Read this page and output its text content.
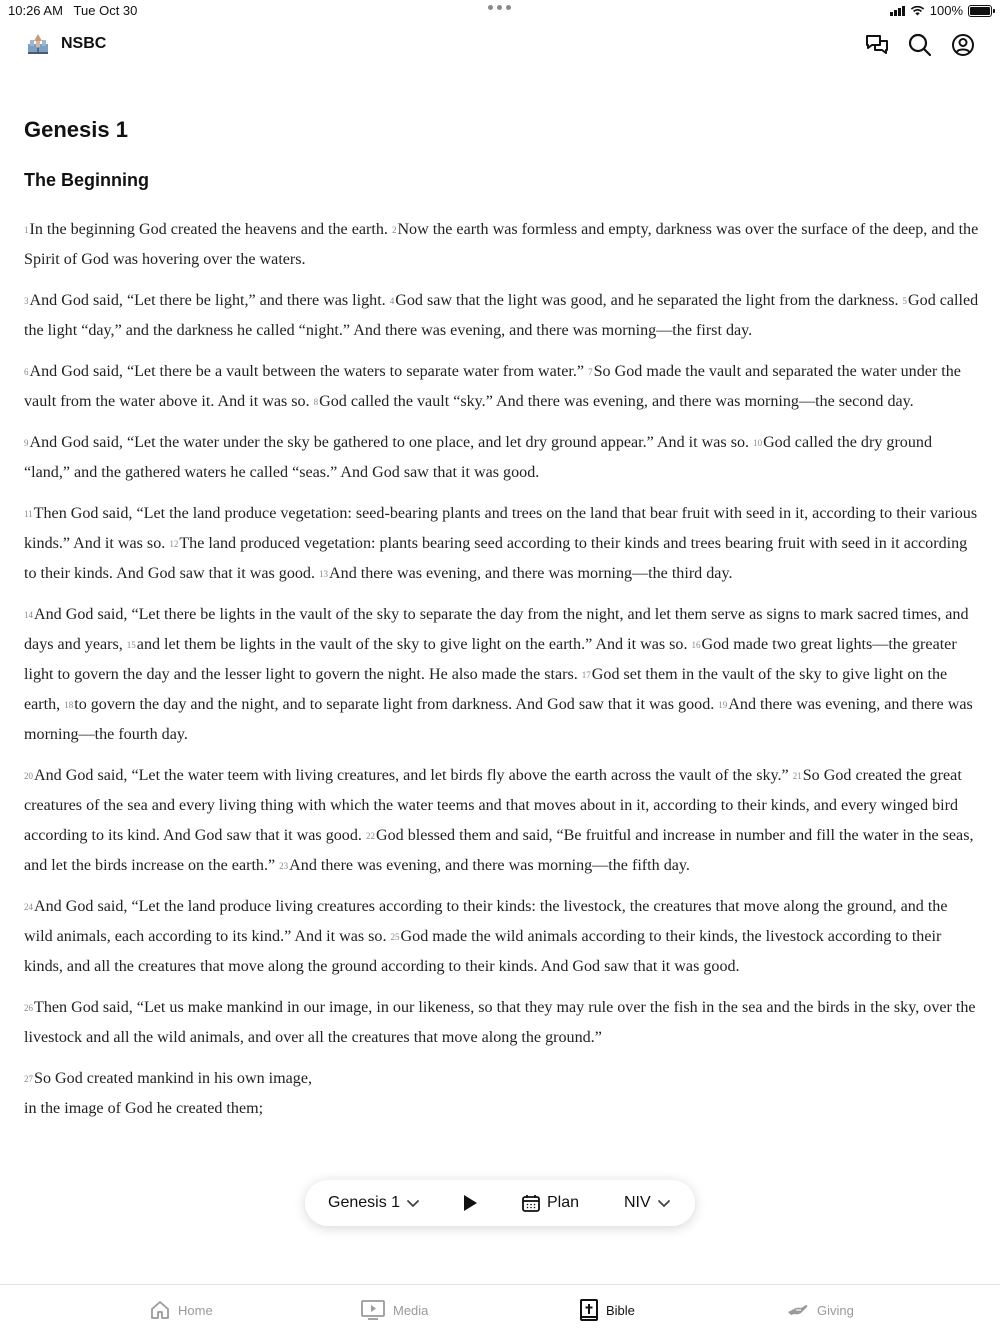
10:26 AM Tue Oct 30	100%
NSBC
Genesis 1
The Beginning

1In the beginning God created the heavens and the earth. 2Now the earth was formless and empty, darkness was over the surface of the deep, and the Spirit of God was hovering over the waters.

3And God said, “Let there be light,” and there was light. 4God saw that the light was good, and he separated the light from the darkness. 5God called the light “day,” and the darkness he called “night.” And there was evening, and there was morning—the first day.

6And God said, “Let there be a vault between the waters to separate water from water.” 7So God made the vault and separated the water under the vault from the water above it. And it was so. 8God called the vault “sky.” And there was evening, and there was morning—the second day.

9And God said, “Let the water under the sky be gathered to one place, and let dry ground appear.” And it was so. 10God called the dry ground “land,” and the gathered waters he called “seas.” And God saw that it was good.

11Then God said, “Let the land produce vegetation: seed-bearing plants and trees on the land that bear fruit with seed in it, according to their various kinds.” And it was so. 12The land produced vegetation: plants bearing seed according to their kinds and trees bearing fruit with seed in it according to their kinds. And God saw that it was good. 13And there was evening, and there was morning—the third day.

14And God said, “Let there be lights in the vault of the sky to separate the day from the night, and let them serve as signs to mark sacred times, and days and years, 15and let them be lights in the vault of the sky to give light on the earth.” And it was so. 16God made two great lights—the greater light to govern the day and the lesser light to govern the night. He also made the stars. 17God set them in the vault of the sky to give light on the earth, 18to govern the day and the night, and to separate light from darkness. And God saw that it was good. 19And there was evening, and there was morning—the fourth day.

20And God said, “Let the water teem with living creatures, and let birds fly above the earth across the vault of the sky.” 21So God created the great creatures of the sea and every living thing with which the water teems and that moves about in it, according to their kinds, and every winged bird according to its kind. And God saw that it was good. 22God blessed them and said, “Be fruitful and increase in number and fill the water in the seas, and let the birds increase on the earth.” 23And there was evening, and there was morning—the fifth day.

24And God said, “Let the land produce living creatures according to their kinds: the livestock, the creatures that move along the ground, and the wild animals, each according to its kind.” And it was so. 25God made the wild animals according to their kinds, the livestock according to their kinds, and all the creatures that move along the ground according to their kinds. And God saw that it was good.

26Then God said, “Let us make mankind in our image, in our likeness, so that they may rule over the fish in the sea and the birds in the sky, over the livestock and all the wild animals, and over all the creatures that move along the ground.”

27So God created mankind in his own image,

in the image of God he created them;

Genesis 1	Plan	NIV
Home	Media	Bible	Giving
